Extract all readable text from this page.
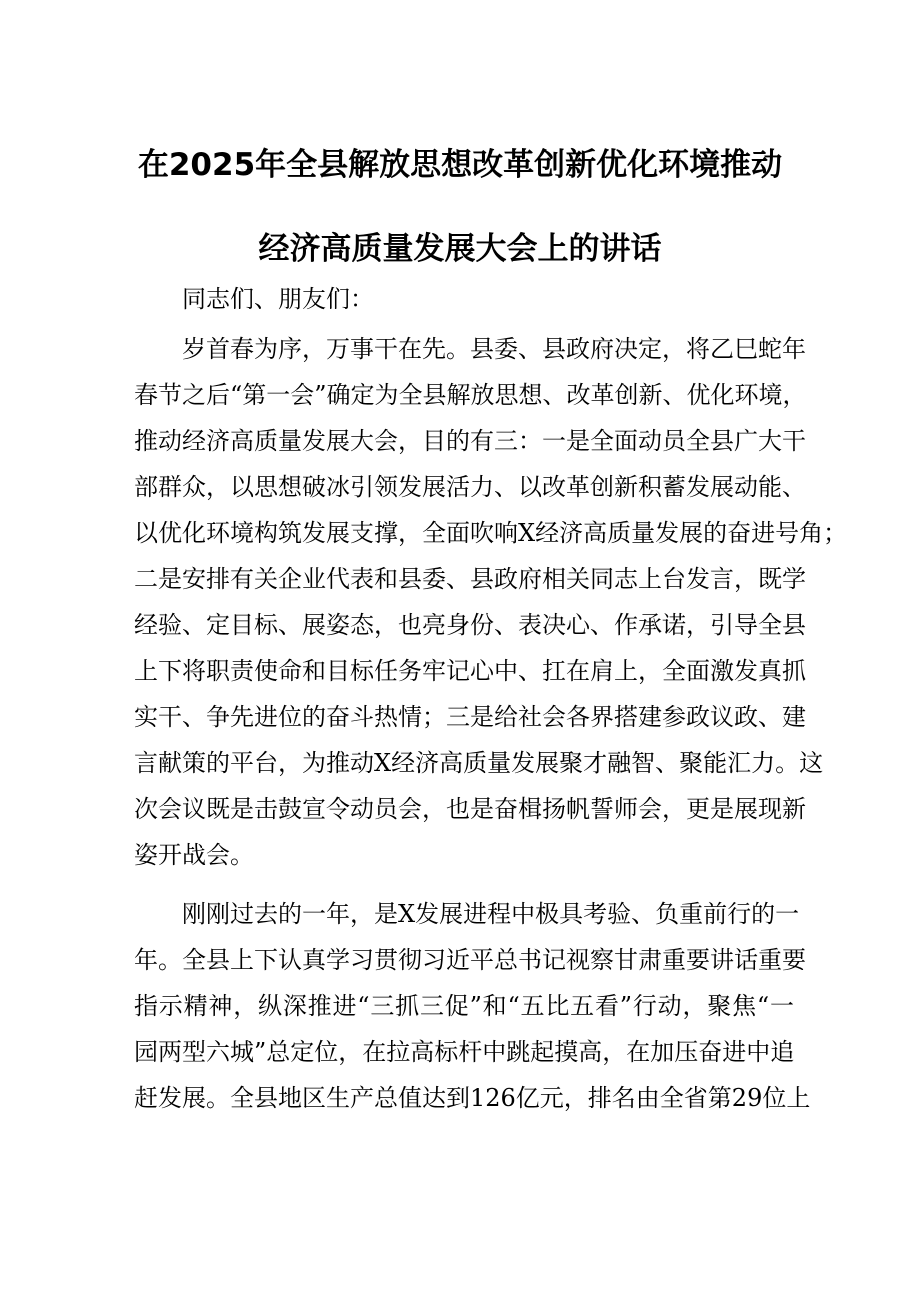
在2025年全县解放思想改革创新优化环境推动
经济高质量发展大会上的讲话
同志们、朋友们：
岁首春为序，万事干在先。县委、县政府决定，将乙巳蛇年
春节之后“第一会”确定为全县解放思想、改革创新、优化环境，
推动经济高质量发展大会，目的有三：一是全面动员全县广大干
部群众，以思想破冰引领发展活力、以改革创新积蓄发展动能、
以优化环境构筑发展支撑，全面吹响X经济高质量发展的奋进号角；
二是安排有关企业代表和县委、县政府相关同志上台发言，既学
经验、定目标、展姿态，也亮身份、表决心、作承诺，引导全县
上下将职责使命和目标任务牢记心中、扛在肩上，全面激发真抓
实干、争先进位的奋斗热情；三是给社会各界搭建参政议政、建
言献策的平台，为推动X经济高质量发展聚才融智、聚能汇力。这
次会议既是击鼓宣令动员会，也是奋楫扬帆誓师会，更是展现新
姿开战会。
刚刚过去的一年，是X发展进程中极具考验、负重前行的一
年。全县上下认真学习贯彻习近平总书记视察甘肃重要讲话重要
指示精神，纵深推进“三抓三促”和“五比五看”行动，聚焦“一
园两型六城”总定位，在拉高标杆中跳起摸高，在加压奋进中追
赶发展。全县地区生产总值达到126亿元，排名由全省第29位上
